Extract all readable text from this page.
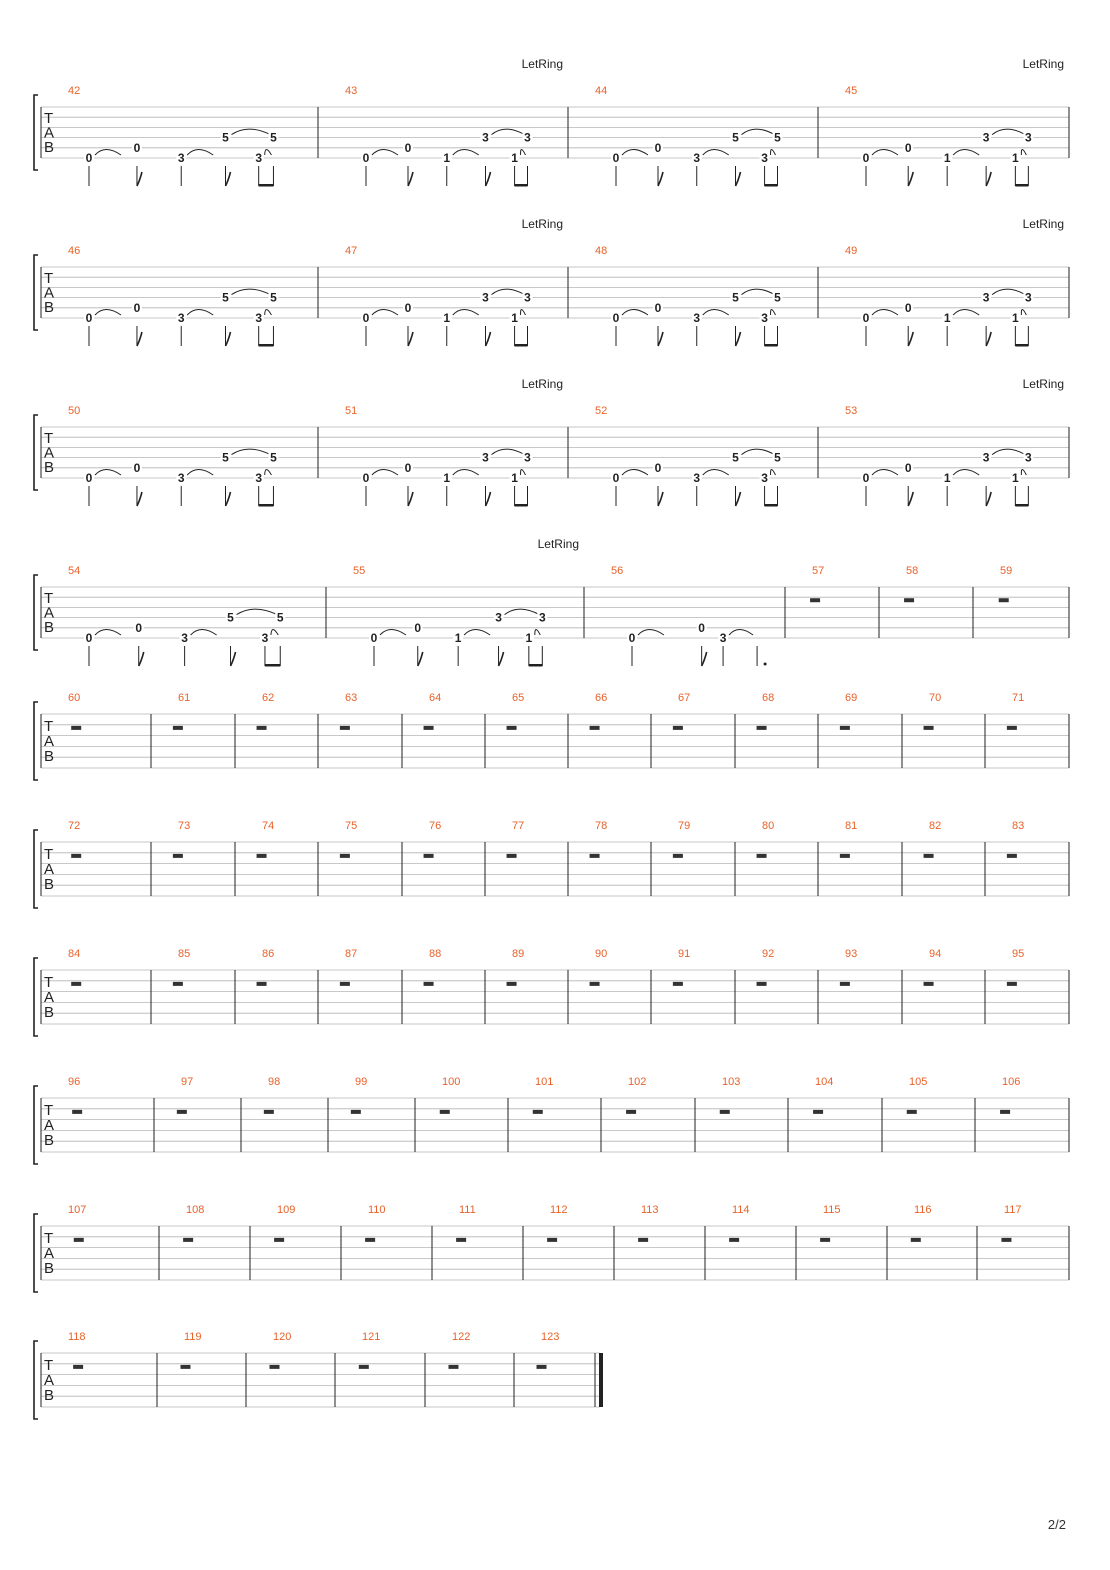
T
A
B
42
0
0
3
5
3
5
43
LetRing
0
0
1
3
1
3
44
0
0
3
5
3
5
45
LetRing
0
0
1
3
1
3
T
A
B
46
0
0
3
5
3
5
47
LetRing
0
0
1
3
1
3
48
0
0
3
5
3
5
49
LetRing
0
0
1
3
1
3
T
A
B
50
0
0
3
5
3
5
51
LetRing
0
0
1
3
1
3
52
0
0
3
5
3
5
53
LetRing
0
0
1
3
1
3
T
A
B
54
0
0
3
5
3
5
55
LetRing
0
0
1
3
1
3
56
0
0
3
57	58	59
T
A
B
60	61	62	63	64	65	66	67	68	69	70	71
T
A
B
72	73	74	75	76	77	78	79	80	81	82	83
T
A
B
84	85	86	87	88	89	90	91	92	93	94	95
T
A
B
96	97	98	99	100	101	102	103	104	105	106
T
A
B
107	108	109	110	111	112	113	114	115	116	117
T
A
B
118	119	120	121	122	123
2/2
